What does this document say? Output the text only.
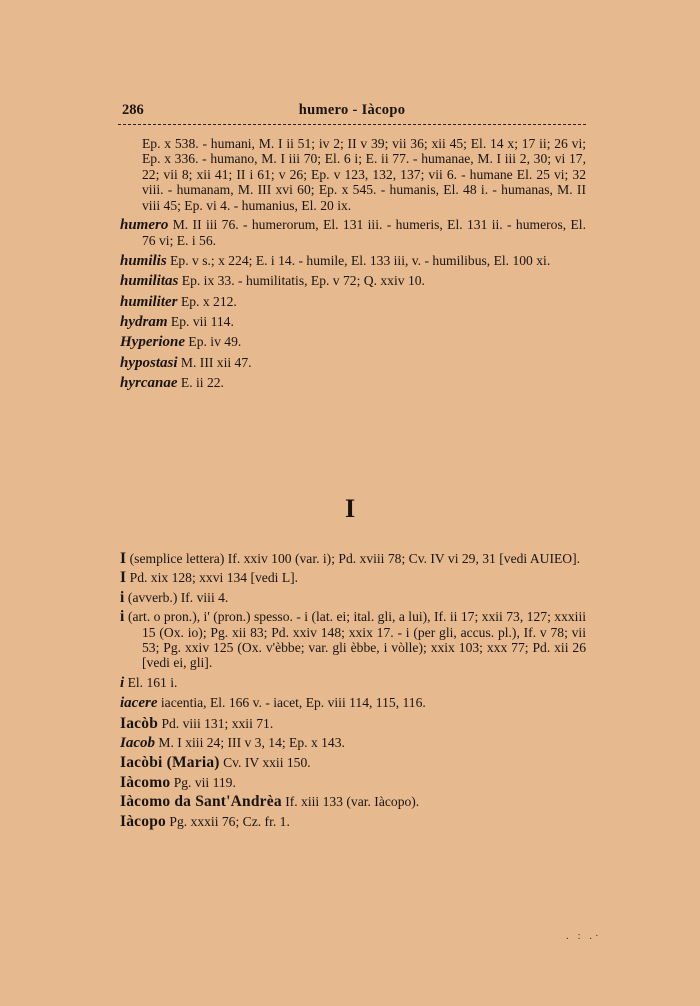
286	humero - Iàcopo
Ep. x 538. - humani, M. I ii 51; iv 2; II v 39; vii 36; xii 45; El. 14 x; 17 ii; 26 vi; Ep. x 336. - humano, M. I iii 70; El. 6 i; E. ii 77. - humanae, M. I iii 2, 30; vi 17, 22; vii 8; xii 41; II i 61; v 26; Ep. v 123, 132, 137; vii 6. - humane El. 25 vi; 32 viii. - humanam, M. III xvi 60; Ep. x 545. - humanis, El. 48 i. - humanas, M. II viii 45; Ep. vi 4. - humanius, El. 20 ix.
humero M. II iii 76. - humerorum, El. 131 iii. - humeris, El. 131 ii. - humeros, El. 76 vi; E. i 56.
humilis Ep. v s.; x 224; E. i 14. - humile, El. 133 iii, v. - humilibus, El. 100 xi.
humilitas Ep. ix 33. - humilitatis, Ep. v 72; Q. xxiv 10.
humiliter Ep. x 212.
hydram Ep. vii 114.
Hyperione Ep. iv 49.
hypostasi M. III xii 47.
hyrcanae E. ii 22.
I
I (semplice lettera) If. xxiv 100 (var. i); Pd. xviii 78; Cv. IV vi 29, 31 [vedi AUIEO].
I Pd. xix 128; xxvi 134 [vedi L].
i (avverb.) If. viii 4.
i (art. o pron.), i' (pron.) spesso. - i (lat. ei; ital. gli, a lui), If. ii 17; xxii 73, 127; xxxiii 15 (Ox. io); Pg. xii 83; Pd. xxiv 148; xxix 17. - i (per gli, accus. pl.), If. v 78; vii 53; Pg. xxiv 125 (Ox. v'èbbe; var. gli èbbe, i vòlle); xxix 103; xxx 77; Pd. xii 26 [vedi ei, gli].
i El. 161 i.
iacere iacentia, El. 166 v. - iacet, Ep. viii 114, 115, 116.
Iacòb Pd. viii 131; xxii 71.
Iacob M. I xiii 24; III v 3, 14; Ep. x 143.
Iacòbi (Maria) Cv. IV xxii 150.
Iàcomo Pg. vii 119.
Iàcomo da Sant'Andrèa If. xiii 133 (var. Iàcopo).
Iàcopo Pg. xxxii 76; Cz. fr. 1.
. : .·
